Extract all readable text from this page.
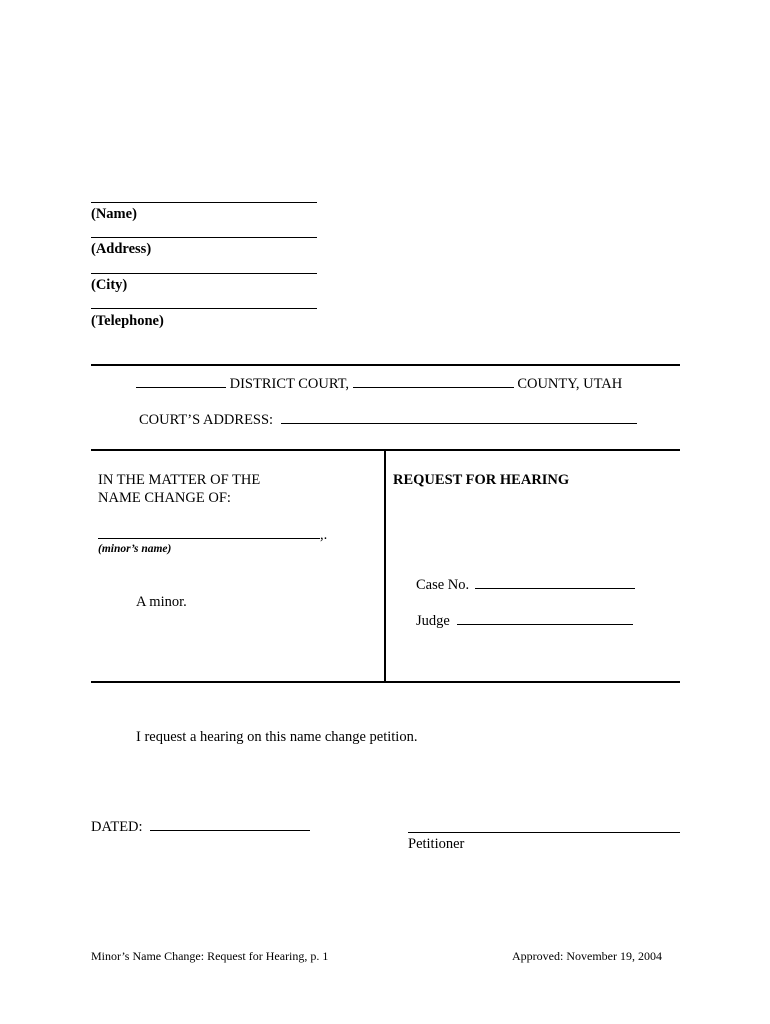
(Name)
(Address)
(City)
(Telephone)
DISTRICT COURT,	COUNTY, UTAH
COURT’S ADDRESS:
IN THE MATTER OF THE
NAME CHANGE OF:
,.
(minor’s name)
A minor.
REQUEST FOR HEARING
Case No.
Judge
I request a hearing on this name change petition.
DATED:
Petitioner
Minor’s Name Change: Request for Hearing, p. 1	Approved: November 19, 2004
